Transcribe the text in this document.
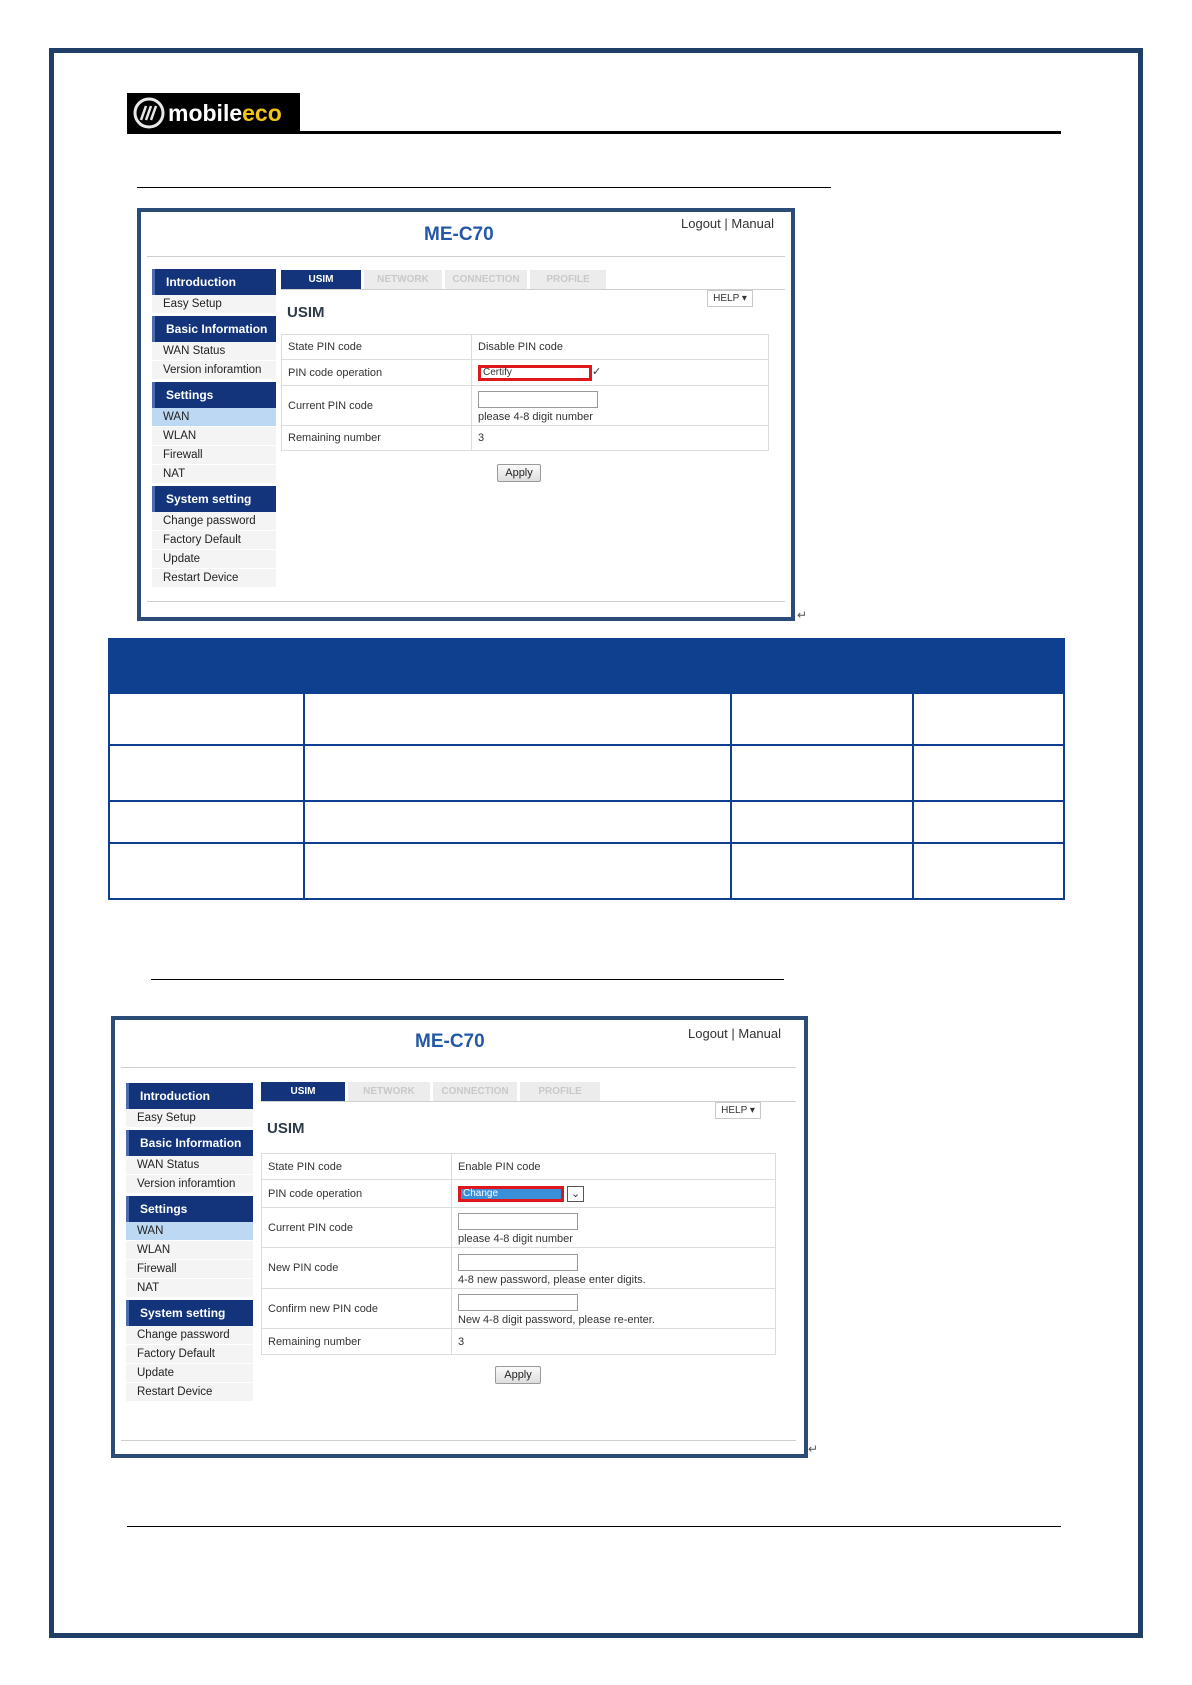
mobileeco
ME-C70
Logout | Manual
Introduction
Easy Setup
Basic Information
WAN Status
Version inforamtion
Settings
WAN
WLAN
Firewall
NAT
System setting
Change password
Factory Default
Update
Restart Device
USIM	NETWORK	CONNECTION	PROFILE
HELP ▾
USIM
State PIN code	Disable PIN code
PIN code operation	Certify ✓
Current PIN code	please 4-8 digit number

Remaining number	3
Apply
↵

ME-C70	Logout | Manual
Introduction
Easy Setup
Basic Information
WAN Status
Version inforamtion
Settings
WAN
WLAN
Firewall
NAT
System setting
Change password
Factory Default
Update
Restart Device
USIM	NETWORK	CONNECTION	PROFILE
HELP ▾
USIM
State PIN code	Enable PIN code
PIN code operation	Change ⌄
Current PIN code	please 4-8 digit number

New PIN code	4-8 new password, please enter digits.

Confirm new PIN code	New 4-8 digit password, please re-enter.

Remaining number	3
Apply
↵
